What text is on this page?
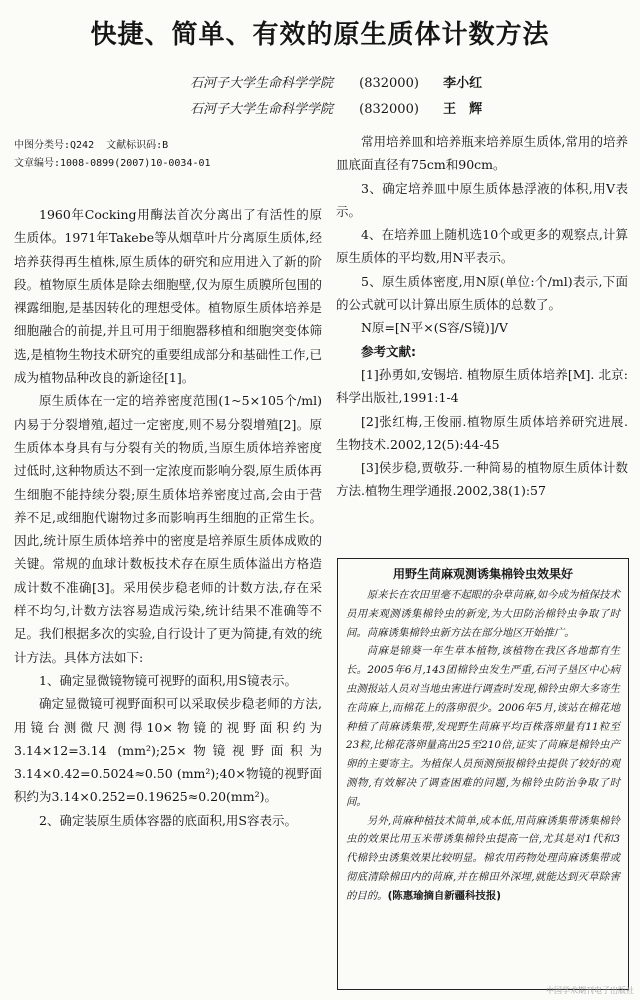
快捷、简单、有效的原生质体计数方法
石河子大学生命科学学院 (832000) 李小红
石河子大学生命科学学院 (832000) 王　辉
中图分类号:Q242 文献标识码:B
文章编号:1008-0899(2007)10-0034-01

1960年Cocking用酶法首次分离出了有活性的原生质体。1971年Takebe等从烟草叶片分离原生质体,经培养获得再生植株,原生质体的研究和应用进入了新的阶段。植物原生质体是除去细胞壁,仅为原生质膜所包围的裸露细胞,是基因转化的理想受体。植物原生质体培养是细胞融合的前提,并且可用于细胞器移植和细胞突变体筛选,是植物生物技术研究的重要组成部分和基础性工作,已成为植物品种改良的新途径[1]。

原生质体在一定的培养密度范围(1~5×105个/ml)内易于分裂增殖,超过一定密度,则不易分裂增殖[2]。原生质体本身具有与分裂有关的物质,当原生质体培养密度过低时,这种物质达不到一定浓度而影响分裂,原生质体再生细胞不能持续分裂;原生质体培养密度过高,会由于营养不足,或细胞代谢物过多而影响再生细胞的正常生长。因此,统计原生质体培养中的密度是培养原生质体成败的关键。常规的血球计数板技术存在原生质体溢出方格造成计数不准确[3]。采用侯步稳老师的计数方法,存在采样不均匀,计数方法容易造成污染,统计结果不准确等不足。我们根据多次的实验,自行设计了更为简捷,有效的统计方法。具体方法如下:

1、确定显微镜物镜可视野的面积,用S镜表示。

确定显微镜可视野面积可以采取侯步稳老师的方法,用镜台测微尺测得10×物镜的视野面积约为3.14×12=3.14 (mm²);25×物镜视野面积为3.14×0.42=0.5024≈0.50 (mm²);40×物镜的视野面积约为3.14×0.252=0.19625≈0.20(mm²)。

2、确定装原生质体容器的底面积,用S容表示。

常用培养皿和培养瓶来培养原生质体,常用的培养皿底面直径有75cm和90cm。

3、确定培养皿中原生质体悬浮液的体积,用V表示。

4、在培养皿上随机选10个或更多的观察点,计算原生质体的平均数,用N平表示。

5、原生质体密度,用N原(单位:个/ml)表示,下面的公式就可以计算出原生质体的总数了。

N原=[N平×(S容/S镜)]/V

参考文献:

[1]孙勇如,安锡培. 植物原生质体培养[M]. 北京:科学出版社,1991:1-4

[2]张红梅,王俊丽.植物原生质体培养研究进展.生物技术.2002,12(5):44-45

[3]侯步稳,贾敬芬.一种简易的植物原生质体计数方法.植物生理学通报.2002,38(1):57

用野生苘麻观测诱集棉铃虫效果好

原来长在农田里毫不起眼的杂草苘麻,如今成为植保技术员用来观测诱集棉铃虫的新宠,为大田防治棉铃虫争取了时间。苘麻诱集棉铃虫新方法在部分地区开始推广。

苘麻是锦葵一年生草本植物,该植物在我区各地都有生长。2005年6月,143团棉铃虫发生严重,石河子垦区中心病虫测报站人员对当地虫害进行调查时发现,棉铃虫卵大多寄生在苘麻上,而棉花上的落卵很少。2006年5月,该站在棉花地种植了苘麻诱集带,发现野生苘麻平均百株落卵量有11粒至23粒,比棉花落卵量高出25至210倍,证实了苘麻是棉铃虫产卵的主要寄主。为植保人员预测预报棉铃虫提供了较好的观测物,有效解决了调查困难的问题,为棉铃虫防治争取了时间。

另外,苘麻种植技术简单,成本低,用苘麻诱集带诱集棉铃虫的效果比用玉米带诱集棉铃虫提高一倍,尤其是对1代和3代棉铃虫诱集效果比较明显。棉农用药物处理苘麻诱集带或彻底清除棉田内的苘麻,并在棉田外深埋,就能达到灭草除害的目的。(陈惠瑜摘自新疆科技报)

中国学术期刊电子出版社
